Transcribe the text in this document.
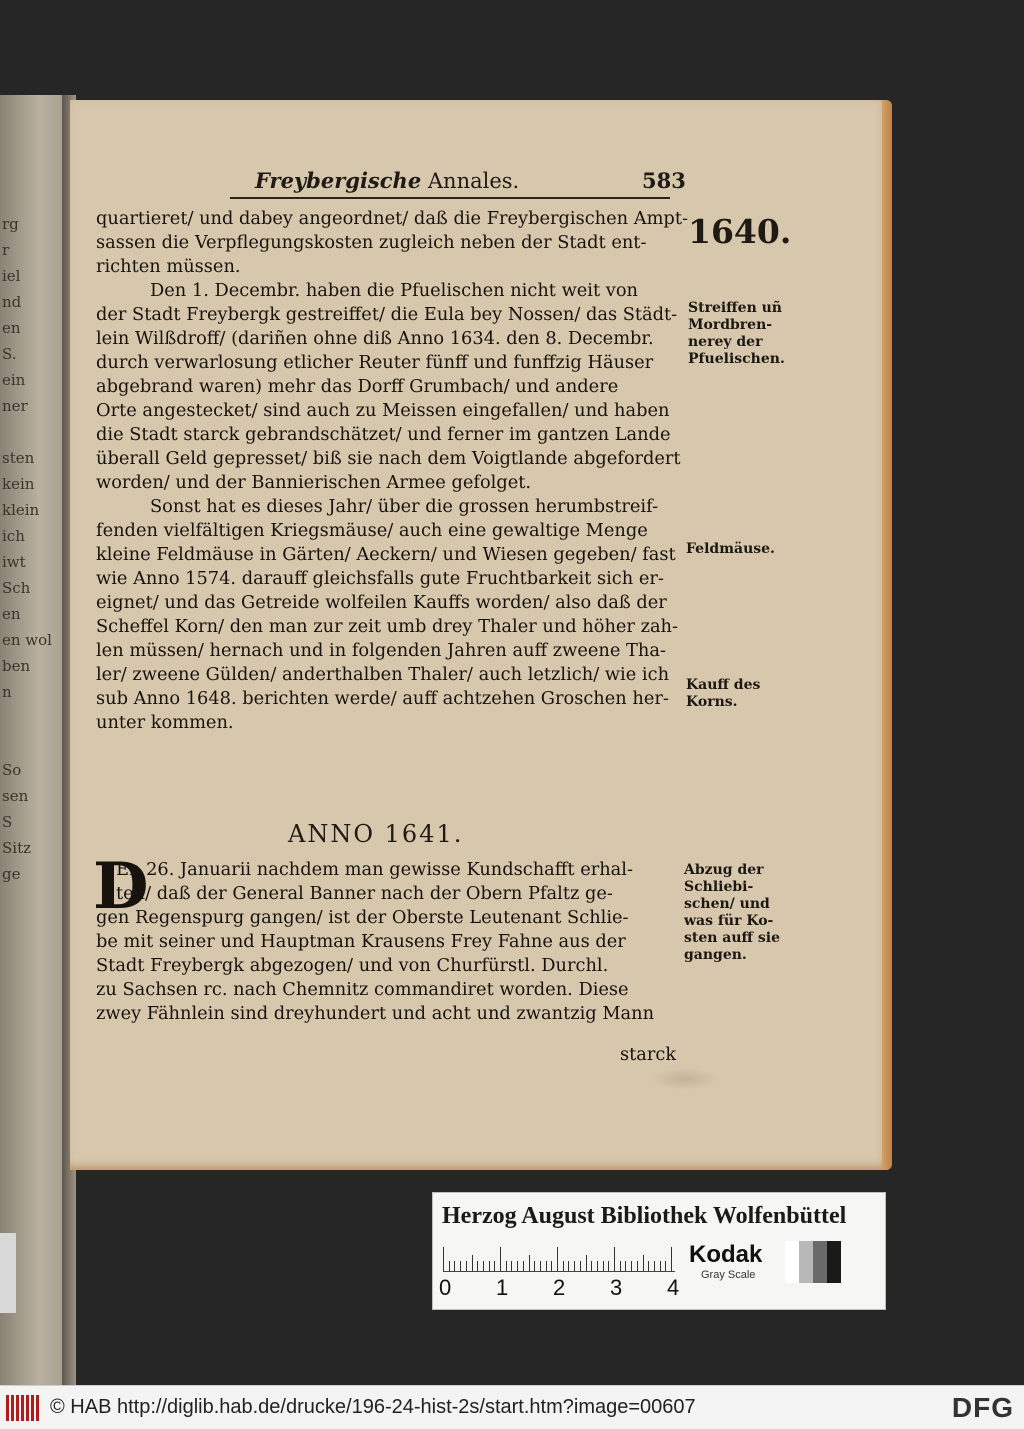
rg
r
iel
nd
en
S.
ein
ner
sten
kein
klein
ich
iwt
Sch
en
en wol
ben
n
So
sen
S
Sitz
ge
Freybergische Annales.	583
1640.
quartieret/ und dabey angeordnet/ daß die Freybergischen Ampt-
sassen die Verpflegungskosten zugleich neben der Stadt ent-
richten müssen.
Den 1. Decembr. haben die Pfuelischen nicht weit von
der Stadt Freybergk gestreiffet/ die Eula bey Nossen/ das Städt-
lein Wilßdroff/ (dariñen ohne diß Anno 1634. den 8. Decembr.
durch verwarlosung etlicher Reuter fünff und funffzig Häuser
abgebrand waren) mehr das Dorff Grumbach/ und andere
Orte angestecket/ sind auch zu Meissen eingefallen/ und haben
die Stadt starck gebrandschätzet/ und ferner im gantzen Lande
überall Geld gepresset/ biß sie nach dem Voigtlande abgefordert
worden/ und der Bannierischen Armee gefolget.
Sonst hat es dieses Jahr/ über die grossen herumbstreif-
fenden vielfältigen Kriegsmäuse/ auch eine gewaltige Menge
kleine Feldmäuse in Gärten/ Aeckern/ und Wiesen gegeben/ fast
wie Anno 1574. darauff gleichsfalls gute Fruchtbarkeit sich er-
eignet/ und das Getreide wolfeilen Kauffs worden/ also daß der
Scheffel Korn/ den man zur zeit umb drey Thaler und höher zah-
len müssen/ hernach und in folgenden Jahren auff zweene Tha-
ler/ zweene Gülden/ anderthalben Thaler/ auch letzlich/ wie ich
sub Anno 1648. berichten werde/ auff achtzehen Groschen her-
unter kommen.
Streiffen uñ
Mordbren-
nerey der
Pfuelischen.
Feldmäuse.
Kauff des
Korns.
Abzug der
Schliebi-
schen/ und
was für Ko-
sten auff sie
gangen.
ANNO 1641.
D
En 26. Januarii nachdem man gewisse Kundschafft erhal-
ten/ daß der General Banner nach der Obern Pfaltz ge-
gen Regenspurg gangen/ ist der Oberste Leutenant Schlie-
be mit seiner und Hauptman Krausens Frey Fahne aus der
Stadt Freybergk abgezogen/ und von Churfürstl. Durchl.
zu Sachsen rc. nach Chemnitz commandiret worden. Diese
zwey Fähnlein sind dreyhundert und acht und zwantzig Mann
starck
Herzog August Bibliothek Wolfenbüttel
0 1 2 3 4
Kodak
Gray Scale
© HAB http://diglib.hab.de/drucke/196-24-hist-2s/start.htm?image=00607	DFG
